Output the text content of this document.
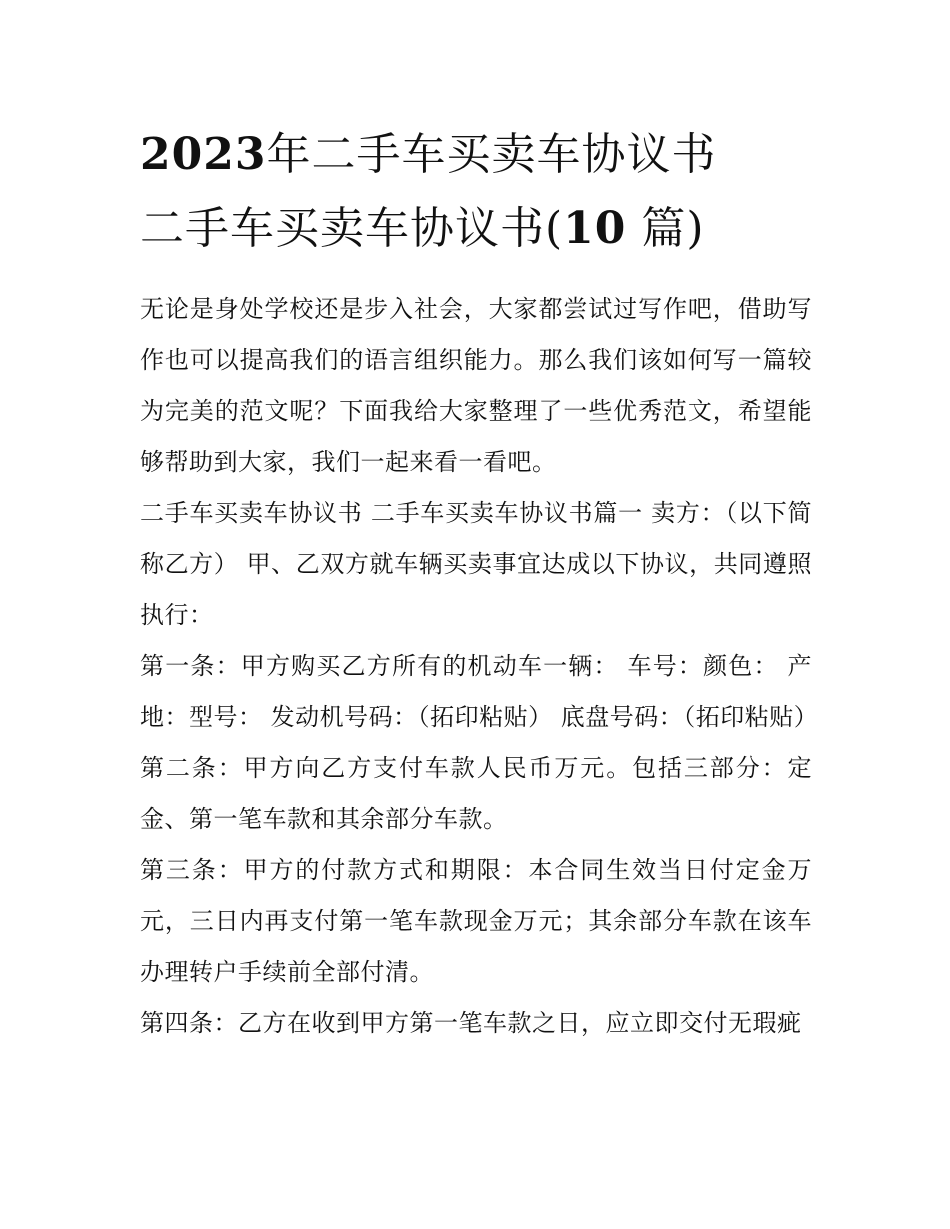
2023年二手车买卖车协议书
二手车买卖车协议书(10 篇)

无论是身处学校还是步入社会，大家都尝试过写作吧，借助写作也可以提高我们的语言组织能力。那么我们该如何写一篇较为完美的范文呢？下面我给大家整理了一些优秀范文，希望能够帮助到大家，我们一起来看一看吧。

二手车买卖车协议书 二手车买卖车协议书篇一 卖方：（以下简称乙方） 甲、乙双方就车辆买卖事宜达成以下协议，共同遵照执行：

第一条：甲方购买乙方所有的机动车一辆： 车号：颜色： 产地：型号： 发动机号码：（拓印粘贴） 底盘号码：（拓印粘贴）

第二条：甲方向乙方支付车款人民币万元。包括三部分：定金、第一笔车款和其余部分车款。

第三条：甲方的付款方式和期限：本合同生效当日付定金万元，三日内再支付第一笔车款现金万元；其余部分车款在该车办理转户手续前全部付清。

第四条：乙方在收到甲方第一笔车款之日，应立即交付无瑕疵
